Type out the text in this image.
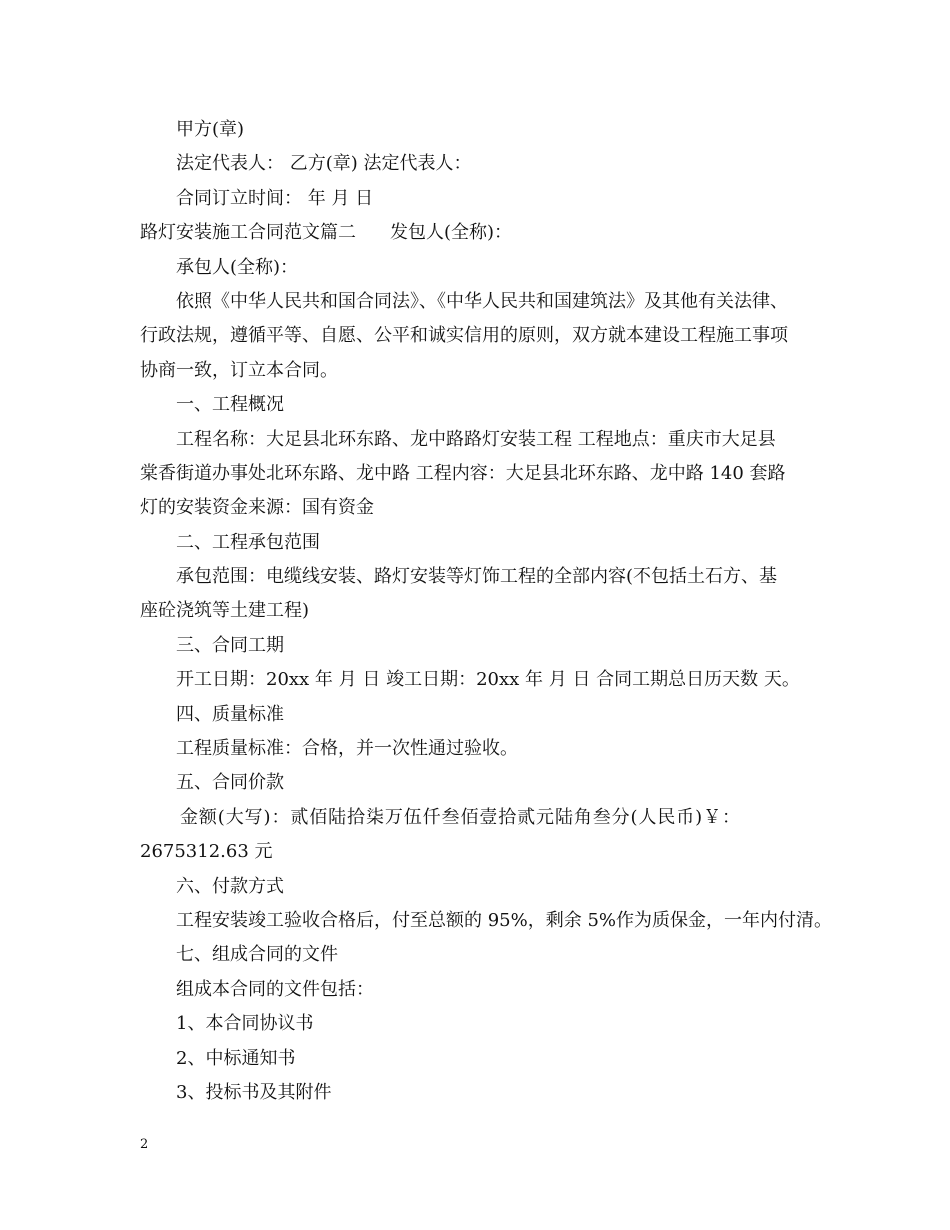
甲方(章)
法定代表人： 乙方(章) 法定代表人：
合同订立时间： 年 月 日
路灯安装施工合同范文篇二 发包人(全称)：
承包人(全称)：
依照《中华人民共和国合同法》、《中华人民共和国建筑法》及其他有关法律、
行政法规，遵循平等、自愿、公平和诚实信用的原则，双方就本建设工程施工事项
协商一致，订立本合同。
一、工程概况
工程名称：大足县北环东路、龙中路路灯安装工程 工程地点：重庆市大足县
棠香街道办事处北环东路、龙中路 工程内容：大足县北环东路、龙中路 140 套路
灯的安装资金来源：国有资金
二、工程承包范围
承包范围：电缆线安装、路灯安装等灯饰工程的全部内容(不包括土石方、基
座砼浇筑等土建工程)
三、合同工期
开工日期：20xx 年 月 日 竣工日期：20xx 年 月 日 合同工期总日历天数 天。
四、质量标准
工程质量标准：合格，并一次性通过验收。
五、合同价款
金额(大写)：贰佰陆拾柒万伍仟叁佰壹拾贰元陆角叁分(人民币)￥：
2675312.63 元
六、付款方式
工程安装竣工验收合格后，付至总额的 95%，剩余 5%作为质保金，一年内付清。
七、组成合同的文件
组成本合同的文件包括：
1、本合同协议书
2、中标通知书
3、投标书及其附件
2
